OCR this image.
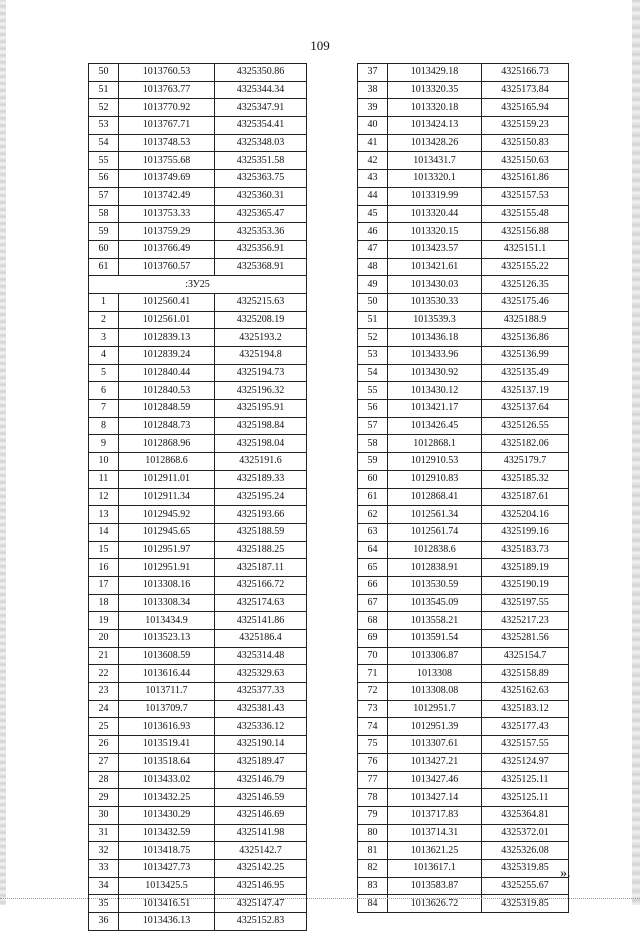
109
50	1013760.53	4325350.86
51	1013763.77	4325344.34
52	1013770.92	4325347.91
53	1013767.71	4325354.41
54	1013748.53	4325348.03
55	1013755.68	4325351.58
56	1013749.69	4325363.75
57	1013742.49	4325360.31
58	1013753.33	4325365.47
59	1013759.29	4325353.36
60	1013766.49	4325356.91
61	1013760.57	4325368.91
:ЗУ25		
1	1012560.41	4325215.63
2	1012561.01	4325208.19
3	1012839.13	4325193.2
4	1012839.24	4325194.8
5	1012840.44	4325194.73
6	1012840.53	4325196.32
7	1012848.59	4325195.91
8	1012848.73	4325198.84
9	1012868.96	4325198.04
10	1012868.6	4325191.6
11	1012911.01	4325189.33
12	1012911.34	4325195.24
13	1012945.92	4325193.66
14	1012945.65	4325188.59
15	1012951.97	4325188.25
16	1012951.91	4325187.11
17	1013308.16	4325166.72
18	1013308.34	4325174.63
19	1013434.9	4325141.86
20	1013523.13	4325186.4
21	1013608.59	4325314.48
22	1013616.44	4325329.63
23	1013711.7	4325377.33
24	1013709.7	4325381.43
25	1013616.93	4325336.12
26	1013519.41	4325190.14
27	1013518.64	4325189.47
28	1013433.02	4325146.79
29	1013432.25	4325146.59
30	1013430.29	4325146.69
31	1013432.59	4325141.98
32	1013418.75	4325142.7
33	1013427.73	4325142.25
34	1013425.5	4325146.95
35	1013416.51	4325147.47
36	1013436.13	4325152.83
37	1013429.18	4325166.73
38	1013320.35	4325173.84
39	1013320.18	4325165.94
40	1013424.13	4325159.23
41	1013428.26	4325150.83
42	1013431.7	4325150.63
43	1013320.1	4325161.86
44	1013319.99	4325157.53
45	1013320.44	4325155.48
46	1013320.15	4325156.88
47	1013423.57	4325151.1
48	1013421.61	4325155.22
49	1013430.03	4325126.35
50	1013530.33	4325175.46
51	1013539.3	4325188.9
52	1013436.18	4325136.86
53	1013433.96	4325136.99
54	1013430.92	4325135.49
55	1013430.12	4325137.19
56	1013421.17	4325137.64
57	1013426.45	4325126.55
58	1012868.1	4325182.06
59	1012910.53	4325179.7
60	1012910.83	4325185.32
61	1012868.41	4325187.61
62	1012561.34	4325204.16
63	1012561.74	4325199.16
64	1012838.6	4325183.73
65	1012838.91	4325189.19
66	1013530.59	4325190.19
67	1013545.09	4325197.55
68	1013558.21	4325217.23
69	1013591.54	4325281.56
70	1013306.87	4325154.7
71	1013308	4325158.89
72	1013308.08	4325162.63
73	1012951.7	4325183.12
74	1012951.39	4325177.43
75	1013307.61	4325157.55
76	1013427.21	4325124.97
77	1013427.46	4325125.11
78	1013427.14	4325125.11
79	1013717.83	4325364.81
80	1013714.31	4325372.01
81	1013621.25	4325326.08
82	1013617.1	4325319.85
83	1013583.87	4325255.67
84	1013626.72	4325319.85
».
